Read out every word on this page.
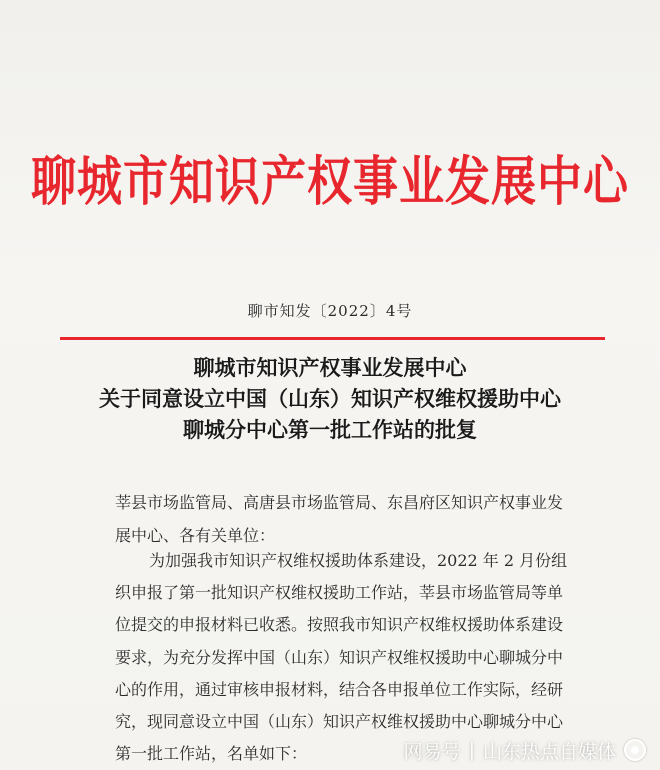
聊城市知识产权事业发展中心
聊市知发〔2022〕4号
聊城市知识产权事业发展中心
关于同意设立中国（山东）知识产权维权援助中心
聊城分中心第一批工作站的批复
莘县市场监管局、高唐县市场监管局、东昌府区知识产权事业发
展中心、各有关单位：
为加强我市知识产权维权援助体系建设，2022 年 2 月份组
织申报了第一批知识产权维权援助工作站，莘县市场监管局等单
位提交的申报材料已收悉。按照我市知识产权维权援助体系建设
要求，为充分发挥中国（山东）知识产权维权援助中心聊城分中
心的作用，通过审核申报材料，结合各申报单位工作实际，经研
究，现同意设立中国（山东）知识产权维权援助中心聊城分中心
第一批工作站，名单如下：	网易号 | 山东热点自媒体
